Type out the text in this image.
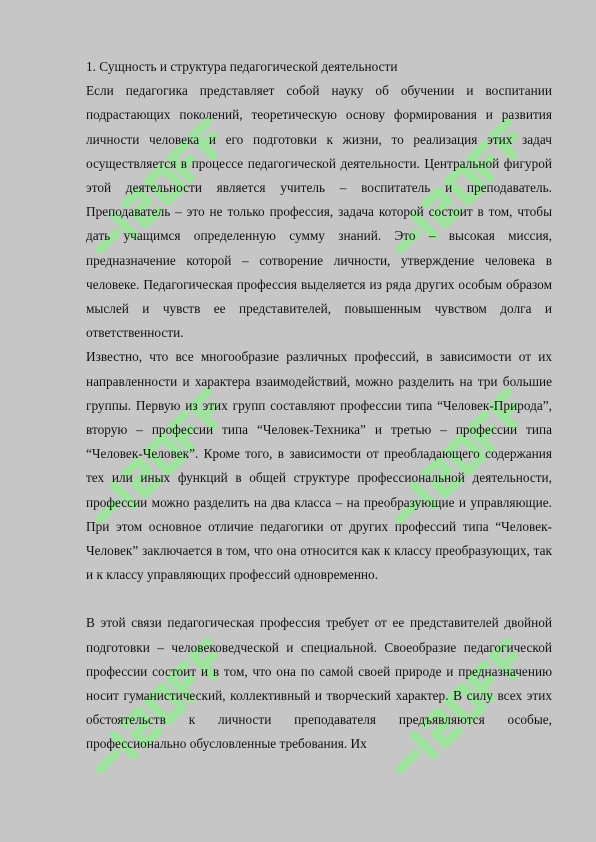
1. Сущность и структура педагогической деятельности

Если педагогика представляет собой науку об обучении и воспитании подрастающих поколений, теоретическую основу формирования и развития личности человека и его подготовки к жизни, то реализация этих задач осуществляется в процессе педагогической деятельности. Центральной фигурой этой деятельности является учитель – воспитатель и преподаватель. Преподаватель – это не только профессия, задача которой состоит в том, чтобы дать учащимся определенную сумму знаний. Это – высокая миссия, предназначение которой – сотворение личности, утверждение человека в человеке. Педагогическая профессия выделяется из ряда других особым образом мыслей и чувств ее представителей, повышенным чувством долга и ответственности.

Известно, что все многообразие различных профессий, в зависимости от их направленности и характера взаимодействий, можно разделить на три большие группы. Первую из этих групп составляют профессии типа “Человек-Природа”, вторую – профессии типа “Человек-Техника” и третью – профессии типа “Человек-Человек”. Кроме того, в зависимости от преобладающего содержания тех или иных функций в общей структуре профессиональной деятельности, профессии можно разделить на два класса – на преобразующие и управляющие. При этом основное отличие педагогики от других профессий типа “Человек-Человек” заключается в том, что она относится как к классу преобразующих, так и к классу управляющих профессий одновременно.

В этой связи педагогическая профессия требует от ее представителей двойной подготовки – человековедческой и специальной. Своеобразие педагогической профессии состоит и в том, что она по самой своей природе и предназначению носит гуманистический, коллективный и творческий характер. В силу всех этих обстоятельств к личности преподавателя предъявляются особые, профессионально обусловленные требования. Их
